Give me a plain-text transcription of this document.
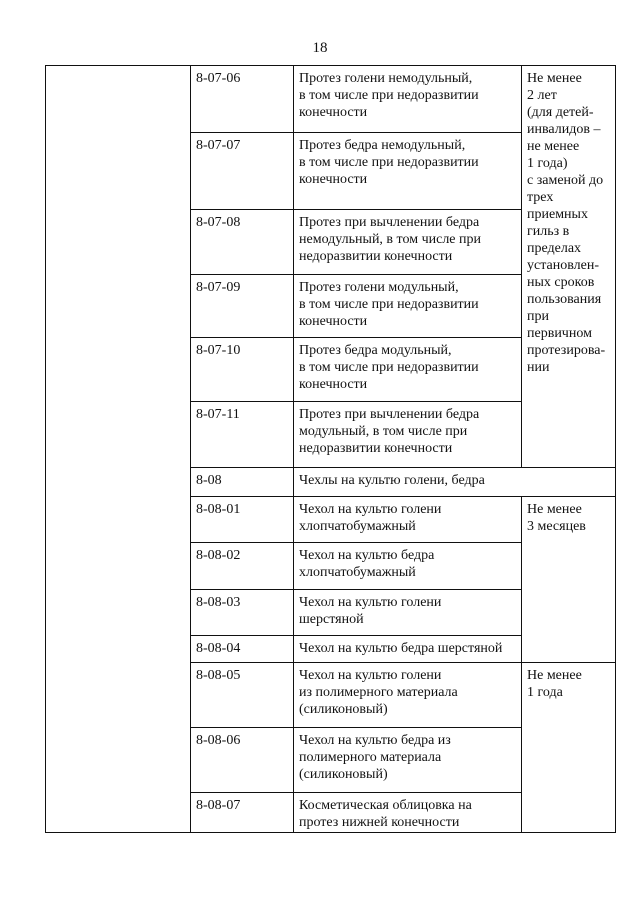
18
8-07-06
8-07-07
8-07-08
8-07-09
8-07-10
8-07-11
8-08
8-08-01
8-08-02
8-08-03
8-08-04
8-08-05
8-08-06
8-08-07
Протез голени немодульный,
в том числе при недоразвитии
конечности
Протез бедра немодульный,
в том числе при недоразвитии
конечности
Протез при вычленении бедра
немодульный, в том числе при
недоразвитии конечности
Протез голени модульный,
в том числе при недоразвитии
конечности
Протез бедра модульный,
в том числе при недоразвитии
конечности
Протез при вычленении бедра
модульный, в том числе при
недоразвитии конечности
Чехлы на культю голени, бедра
Чехол на культю голени
хлопчатобумажный
Чехол на культю бедра
хлопчатобумажный
Чехол на культю голени
шерстяной
Чехол на культю бедра шерстяной
Чехол на культю голени
из полимерного материала
(силиконовый)
Чехол на культю бедра из
полимерного материала
(силиконовый)
Косметическая облицовка на
протез нижней конечности
Не менее
2 лет
(для детей-
инвалидов –
не менее
1 года)
с заменой до
трех
приемных
гильз в
пределах
установлен-
ных сроков
пользования
при
первичном
протезирова-
нии
Не менее
3 месяцев
Не менее
1 года
